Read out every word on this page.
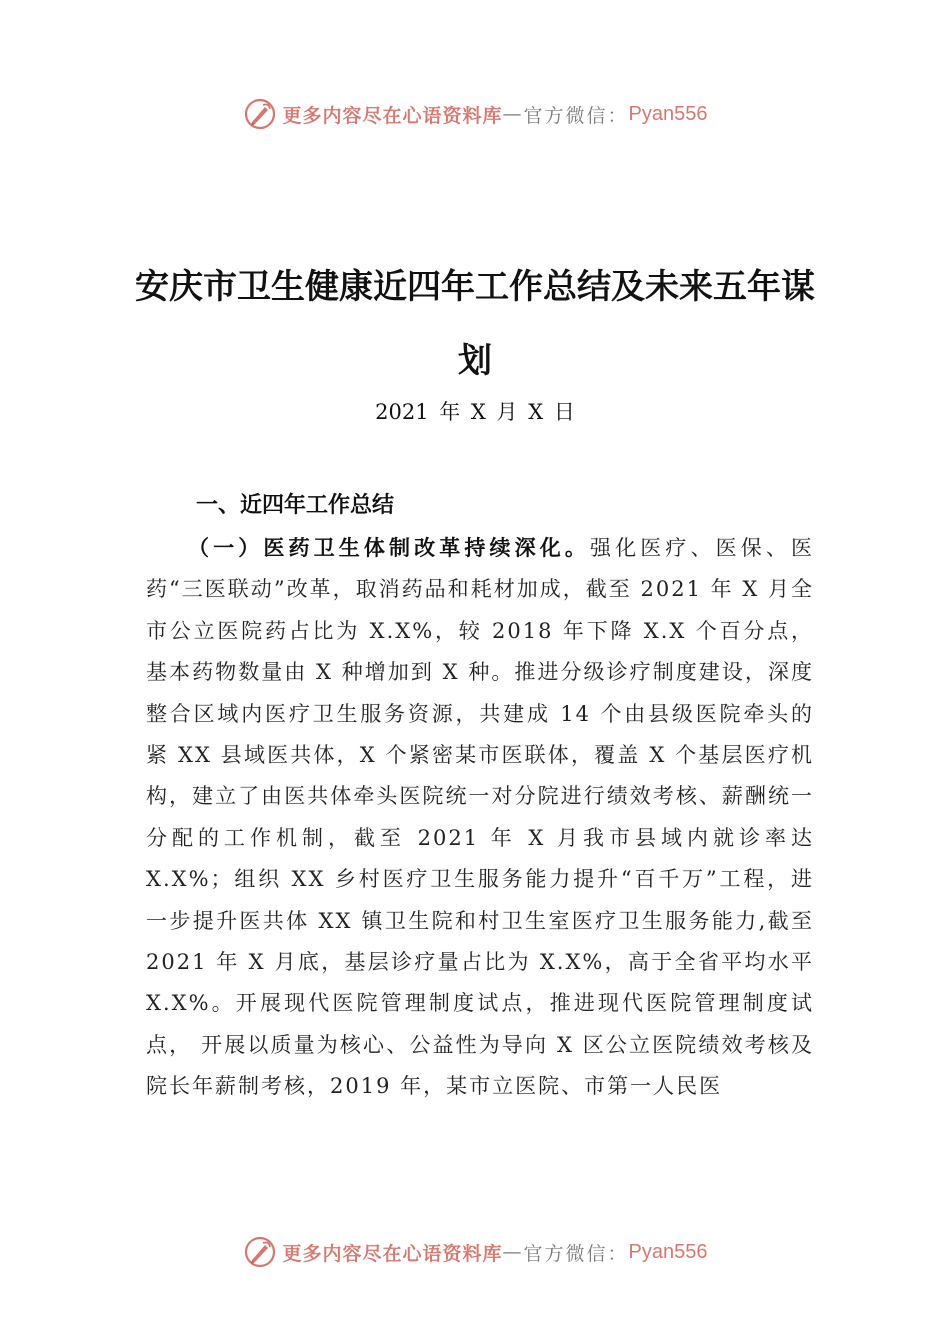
更多内容尽在心语资料库 — 官方微信： Pyan556
安庆市卫生健康近四年工作总结及未来五年谋划
2021 年 X 月 X 日
一、近四年工作总结

（一）医药卫生体制改革持续深化。强化医疗、医保、医药“三医联动”改革，取消药品和耗材加成，截至 2021 年 X 月全市公立医院药占比为 X.X%，较 2018 年下降 X.X 个百分点，基本药物数量由 X 种增加到 X 种。推进分级诊疗制度建设，深度整合区域内医疗卫生服务资源，共建成 14 个由县级医院牵头的紧 XX 县域医共体，X 个紧密某市医联体，覆盖 X 个基层医疗机构，建立了由医共体牵头医院统一对分院进行绩效考核、薪酬统一分配的工作机制，截至 2021 年 X 月我市县域内就诊率达 X.X%；组织 XX 乡村医疗卫生服务能力提升“百千万”工程，进一步提升医共体 XX 镇卫生院和村卫生室医疗卫生服务能力,截至 2021 年 X 月底，基层诊疗量占比为 X.X%，高于全省平均水平 X.X%。开展现代医院管理制度试点，推进现代医院管理制度试点， 开展以质量为核心、公益性为导向 X 区公立医院绩效考核及院长年薪制考核，2019 年，某市立医院、市第一人民医

更多内容尽在心语资料库 — 官方微信： Pyan556
